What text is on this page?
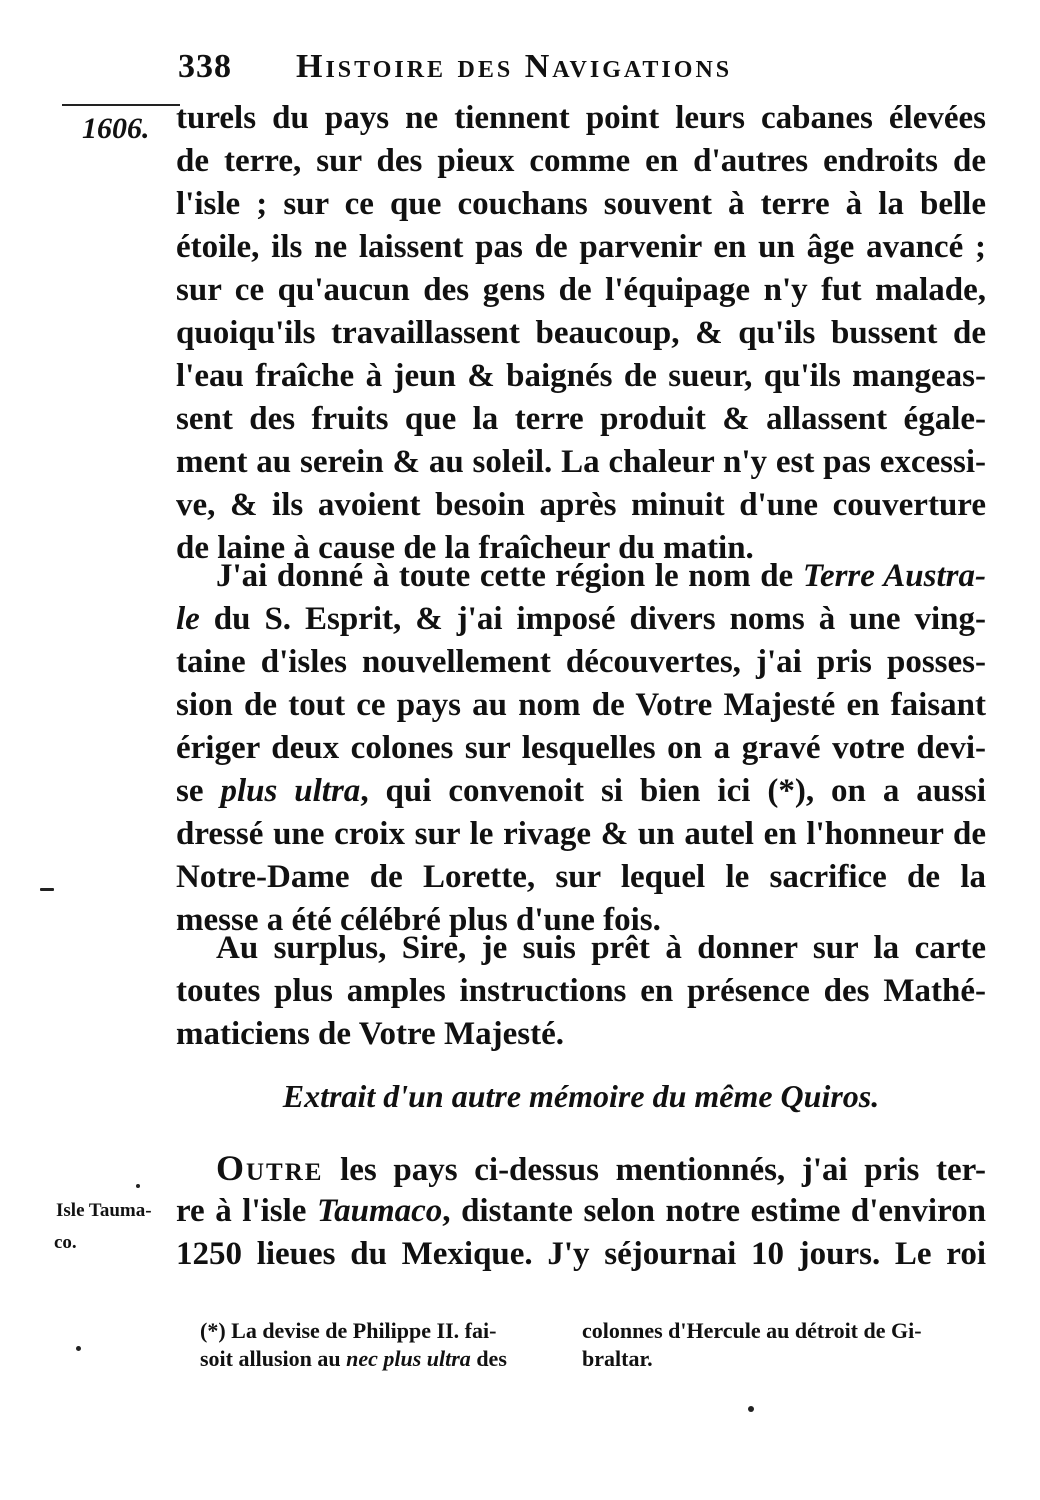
338 Histoire des Navigations
1606.
Isle Tauma-
co.
turels du pays ne tiennent point leurs cabanes élevées
de terre, sur des pieux comme en d'autres endroits de
l'isle ; sur ce que couchans souvent à terre à la belle
étoile, ils ne laissent pas de parvenir en un âge avancé ;
sur ce qu'aucun des gens de l'équipage n'y fut malade,
quoiqu'ils travaillassent beaucoup, & qu'ils bussent de
l'eau fraîche à jeun & baignés de sueur, qu'ils mangeas-
sent des fruits que la terre produit & allassent égale-
ment au serein & au soleil. La chaleur n'y est pas excessi-
ve, & ils avoient besoin après minuit d'une couverture
de laine à cause de la fraîcheur du matin.
J'ai donné à toute cette région le nom de Terre Austra-
le du S. Esprit, & j'ai imposé divers noms à une ving-
taine d'isles nouvellement découvertes, j'ai pris posses-
sion de tout ce pays au nom de Votre Majesté en faisant
ériger deux colones sur lesquelles on a gravé votre devi-
se plus ultra, qui convenoit si bien ici (*), on a aussi
dressé une croix sur le rivage & un autel en l'honneur de
Notre-Dame de Lorette, sur lequel le sacrifice de la
messe a été célébré plus d'une fois.
Au surplus, Sire, je suis prêt à donner sur la carte
toutes plus amples instructions en présence des Mathé-
maticiens de Votre Majesté.
Extrait d'un autre mémoire du même Quiros.
Outre les pays ci-dessus mentionnés, j'ai pris ter-
re à l'isle Taumaco, distante selon notre estime d'environ
1250 lieues du Mexique. J'y séjournai 10 jours. Le roi
(*) La devise de Philippe II. fai-
soit allusion au nec plus ultra des
colonnes d'Hercule au détroit de Gi-
braltar.
